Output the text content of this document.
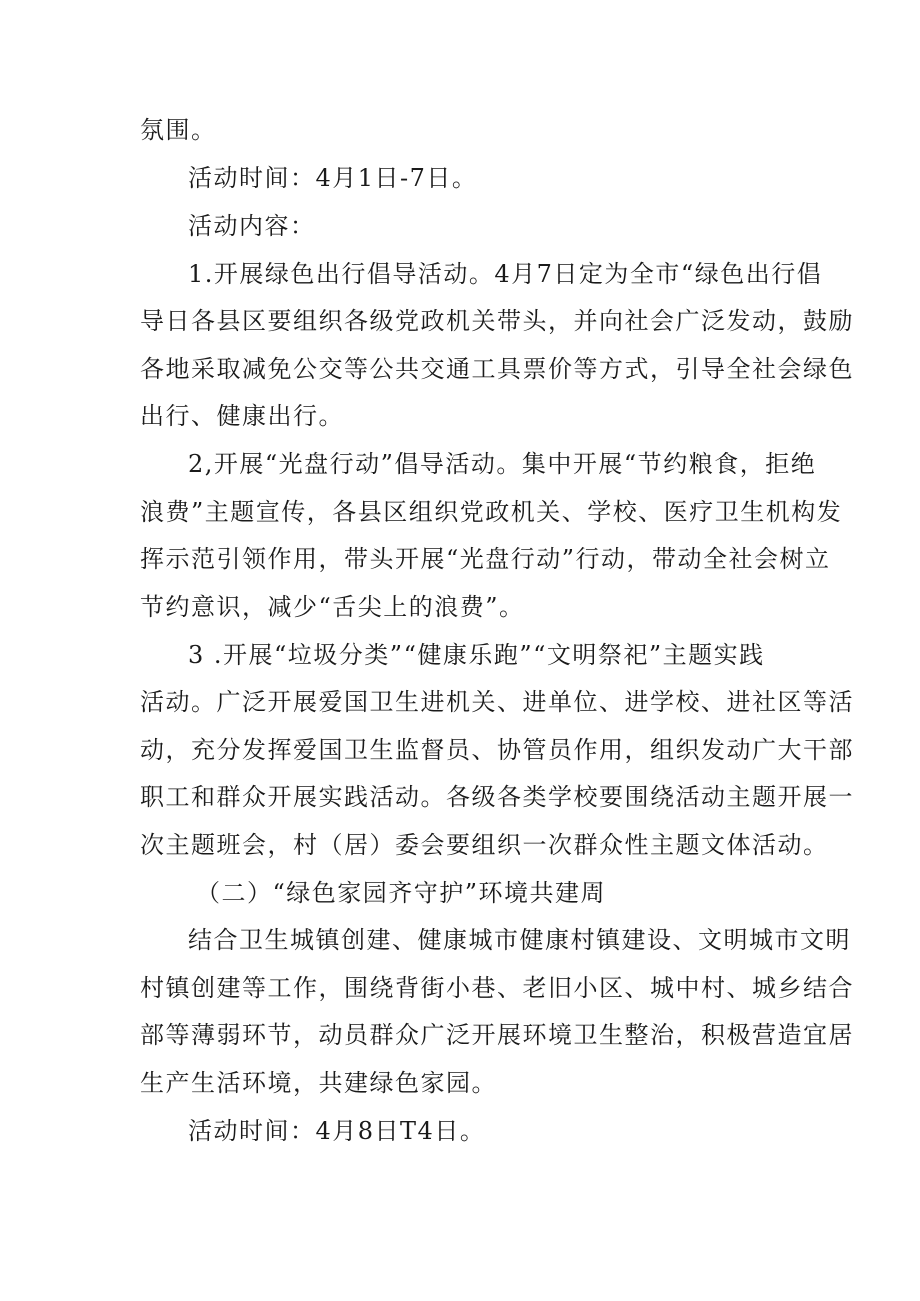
氛围。
活动时间：4月1日-7日。
活动内容：
1.开展绿色出行倡导活动。4月7日定为全市“绿色出行倡
导日各县区要组织各级党政机关带头，并向社会广泛发动，鼓励
各地采取减免公交等公共交通工具票价等方式，引导全社会绿色
出行、健康出行。
2,开展“光盘行动”倡导活动。集中开展“节约粮食，拒绝
浪费”主题宣传，各县区组织党政机关、学校、医疗卫生机构发
挥示范引领作用，带头开展“光盘行动”行动，带动全社会树立
节约意识，减少“舌尖上的浪费”。
3 .开展“垃圾分类”“健康乐跑”“文明祭祀”主题实践
活动。广泛开展爱国卫生进机关、进单位、进学校、进社区等活
动，充分发挥爱国卫生监督员、协管员作用，组织发动广大干部
职工和群众开展实践活动。各级各类学校要围绕活动主题开展一
次主题班会，村（居）委会要组织一次群众性主题文体活动。
（二）“绿色家园齐守护”环境共建周
结合卫生城镇创建、健康城市健康村镇建设、文明城市文明
村镇创建等工作，围绕背街小巷、老旧小区、城中村、城乡结合
部等薄弱环节，动员群众广泛开展环境卫生整治，积极营造宜居
生产生活环境，共建绿色家园。
活动时间：4月8日T4日。
